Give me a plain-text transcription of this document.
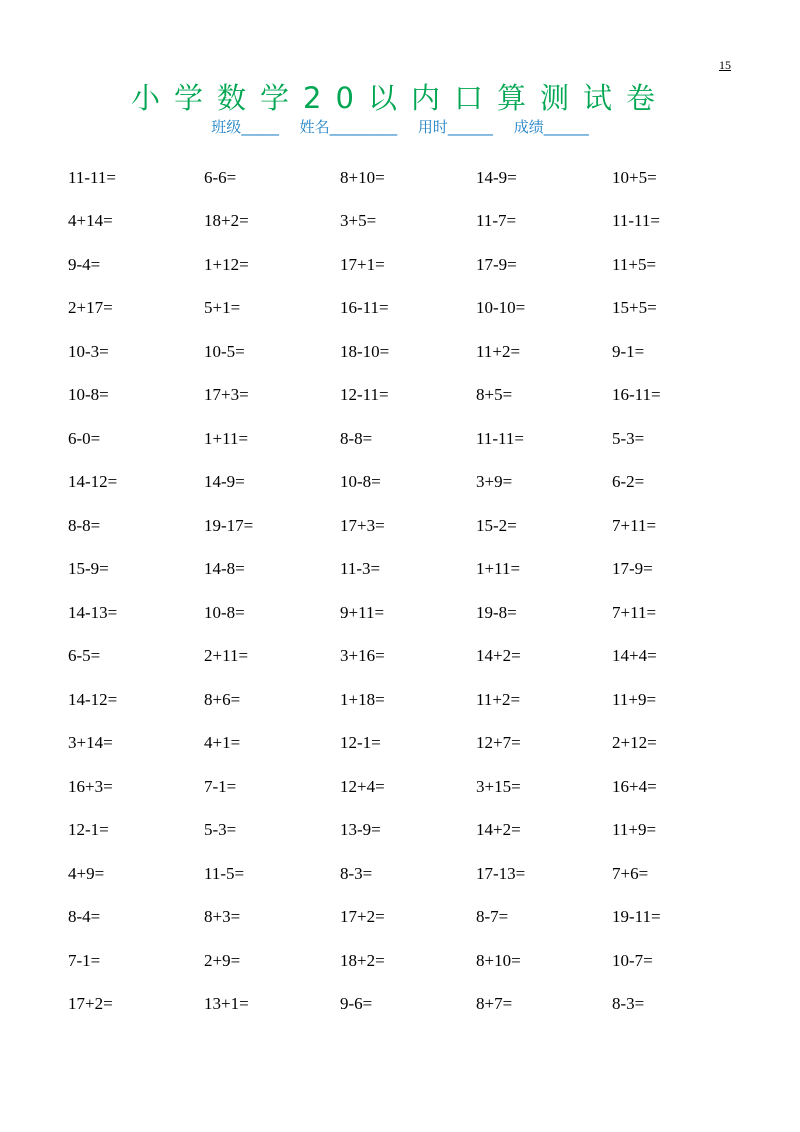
15
小学数学20以内口算测试卷
班级_____ 姓名_________ 用时______ 成绩______
11-11=	6-6=	8+10=	14-9=	10+5=
4+14=	18+2=	3+5=	11-7=	11-11=
9-4=	1+12=	17+1=	17-9=	11+5=
2+17=	5+1=	16-11=	10-10=	15+5=
10-3=	10-5=	18-10=	11+2=	9-1=
10-8=	17+3=	12-11=	8+5=	16-11=
6-0=	1+11=	8-8=	11-11=	5-3=
14-12=	14-9=	10-8=	3+9=	6-2=
8-8=	19-17=	17+3=	15-2=	7+11=
15-9=	14-8=	11-3=	1+11=	17-9=
14-13=	10-8=	9+11=	19-8=	7+11=
6-5=	2+11=	3+16=	14+2=	14+4=
14-12=	8+6=	1+18=	11+2=	11+9=
3+14=	4+1=	12-1=	12+7=	2+12=
16+3=	7-1=	12+4=	3+15=	16+4=
12-1=	5-3=	13-9=	14+2=	11+9=
4+9=	11-5=	8-3=	17-13=	7+6=
8-4=	8+3=	17+2=	8-7=	19-11=
7-1=	2+9=	18+2=	8+10=	10-7=
17+2=	13+1=	9-6=	8+7=	8-3=
